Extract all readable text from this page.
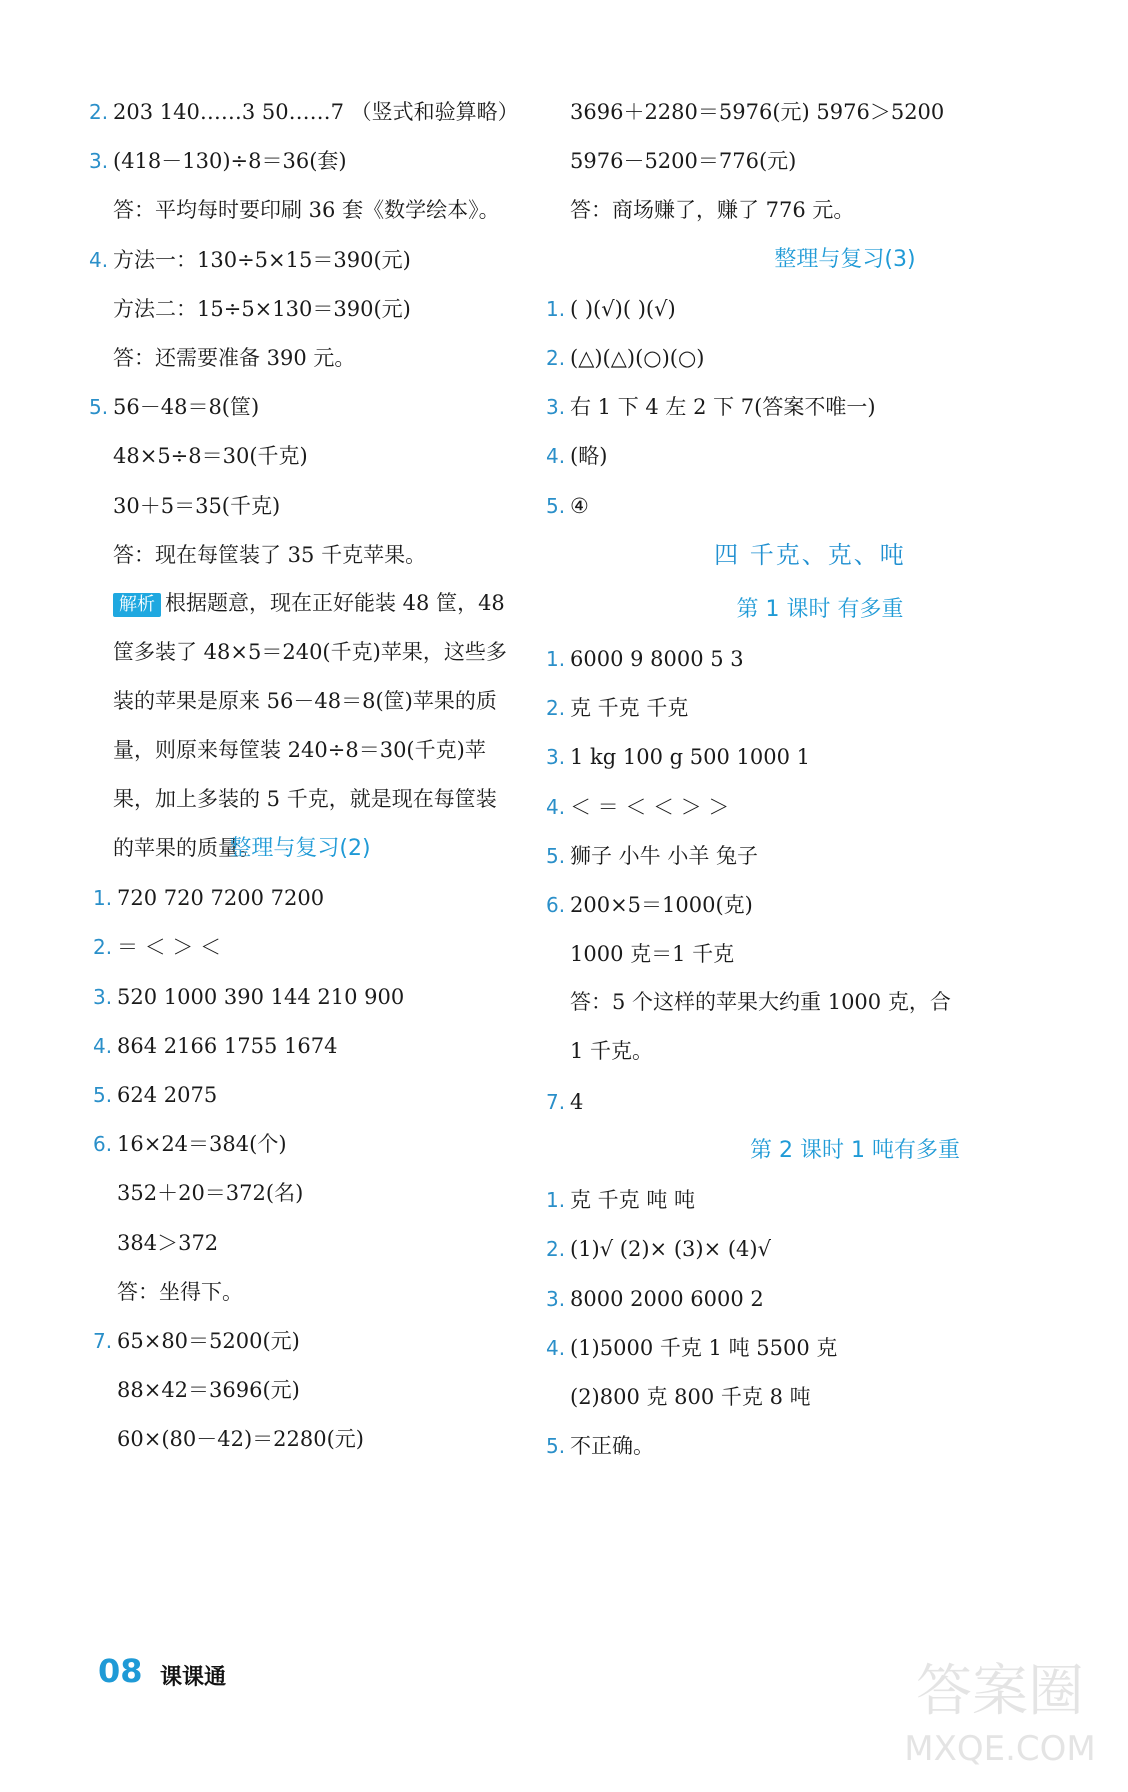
2. 203 140……3 50……7 （竖式和验算略）
3. (418－130)÷8＝36(套)
答：平均每时要印刷 36 套《数学绘本》。
4. 方法一：130÷5×15＝390(元)
方法二：15÷5×130＝390(元)
答：还需要准备 390 元。
5. 56－48＝8(筐)
48×5÷8＝30(千克)
30＋5＝35(千克)
答：现在每筐装了 35 千克苹果。
解析 根据题意，现在正好能装 48 筐，48 筐多装了 48×5＝240(千克)苹果，这些多装的苹果是原来 56－48＝8(筐)苹果的质量，则原来每筐装 240÷8＝30(千克)苹果，加上多装的 5 千克，就是现在每筐装的苹果的质量。
整理与复习(2)
1. 720 720 7200 7200
2. ＝ ＜ ＞ ＜
3. 520 1000 390 144 210 900
4. 864 2166 1755 1674
5. 624 2075
6. 16×24＝384(个)
352＋20＝372(名)
384＞372
答：坐得下。
7. 65×80＝5200(元)
88×42＝3696(元)
60×(80－42)＝2280(元)
3696＋2280＝5976(元) 5976＞5200
5976－5200＝776(元)
答：商场赚了，赚了 776 元。
整理与复习(3)
1. ( )(√)( )(√)
2. (△)(△)(○)(○)
3. 右 1 下 4 左 2 下 7(答案不唯一)
4. (略)
5. ④
四 千克、克、吨
第 1 课时 有多重
1. 6000 9 8000 5 3
2. 克 千克 千克
3. 1 kg 100 g 500 1000 1
4. ＜ ＝ ＜ ＜ ＞ ＞
5. 狮子 小牛 小羊 兔子
6. 200×5＝1000(克)
1000 克＝1 千克
答：5 个这样的苹果大约重 1000 克，合 1 千克。
7. 4
第 2 课时 1 吨有多重
1. 克 千克 吨 吨
2. (1)√ (2)× (3)× (4)√
3. 8000 2000 6000 2
4. (1)5000 千克 1 吨 5500 克
(2)800 克 800 千克 8 吨
5. 不正确。
08 课课通	答案圈
MXQE.COM
